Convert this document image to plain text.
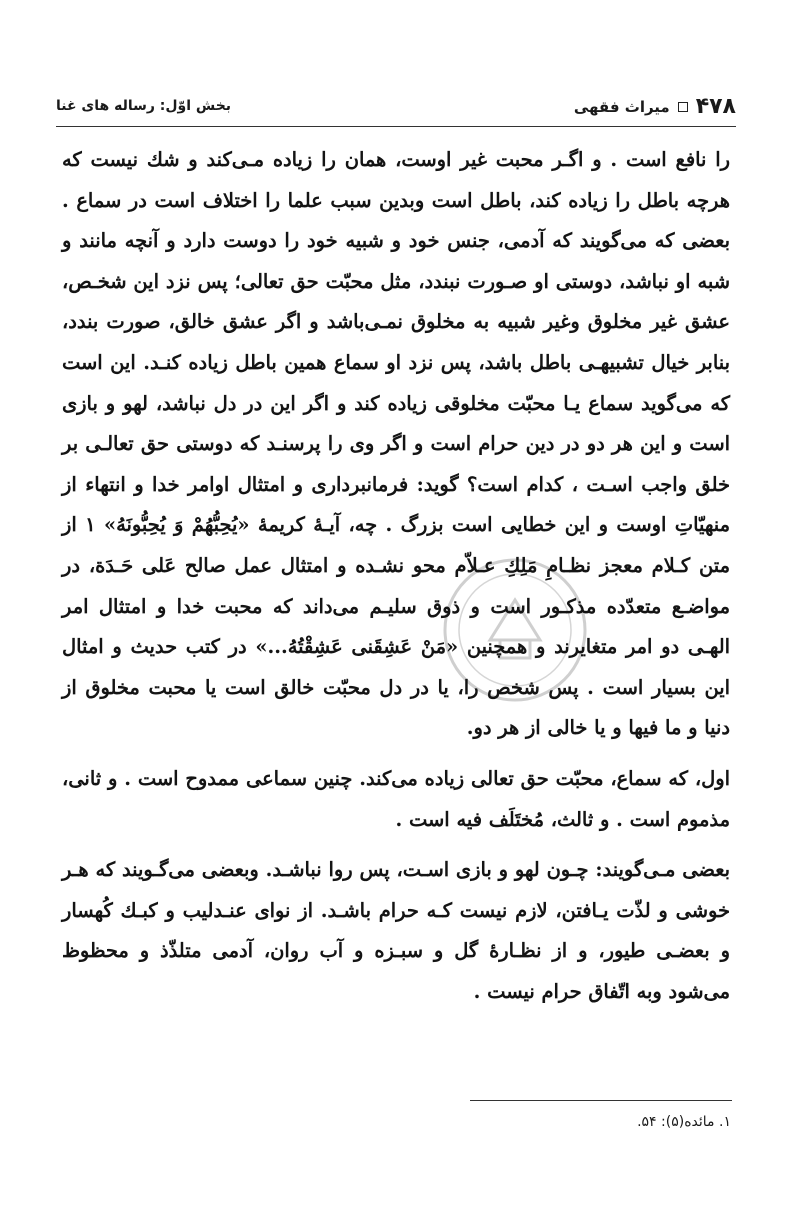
۴۷۸
میراث فقهی
بخش اوّل: رساله های غنا

را نافع است . و اگـر محبت غیر اوست، همان را زیاده مـی‌کند و شك نیست که هرچه باطل را زیاده کند، باطل است وبدین سبب علما را اختلاف است در سماع . بعضی که می‌گویند که آدمی، جنس خود و شبیه خود را دوست دارد و آنچه مانند و شبه او نباشد، دوستی او صـورت نبندد، مثل محبّت حق تعالی؛ پس نزد این شخـص، عشق غیر مخلوق وغیر شبیه به مخلوق نمـی‌باشد و اگر عشق خالق، صورت بندد، بنابر خیال تشبیهـی باطل باشد، پس نزد او سماع همین باطل زیاده کنـد. این است که می‌گوید سماع یـا محبّت مخلوقی زیاده کند و اگر این در دل نباشد، لهو و بازی است و این هر دو در دین حرام است و اگر وی را پرسنـد که دوستی حق تعالـی بر خلق واجب اسـت ، کدام است؟ گوید: فرمانبرداری و امتثال اوامر خدا و انتهاء از منهیّاتِ اوست و این خطایی است بزرگ . چه، آیـهٔ کریمهٔ «یُحِبُّهُمْ وَ یُحِبُّونَهُ» ۱ از متن کـلام معجز نظـامِ مَلِكِ عـلاّم محو نشـده و امتثال عمل صالح عَلی حَـدَة، در مواضـع متعدّده مذکـور است و ذوق سلیـم می‌داند که محبت خدا و امتثال امر الهـی دو امر متغایرند و همچنین «مَنْ عَشِقَنی عَشِقْتُهُ...» در کتب حدیث و امثال این بسیار است . پس شخص را، یا در دل محبّت خالق است یا محبت مخلوق از دنیا و ما فیها و یا خالی از هر دو.

اول، که سماع، محبّت حق تعالی زیاده می‌کند. چنین سماعی ممدوح است . و ثانی، مذموم است . و ثالث، مُختَلَف فیه است .

بعضی مـی‌گویند: چـون لهو و بازی اسـت، پس روا نباشـد. وبعضی می‌گـویند که هـر خوشی و لذّت یـافتن، لازم نیست کـه حرام باشـد. از نوای عنـدلیب و کبـك کُهسار و بعضـی طیور، و از نظـارهٔ گل و سبـزه و آب روان، آدمی متلذّذ و محظوظ می‌شود وبه اتّفاق حرام نیست .

۱. مائده(۵): ۵۴.
